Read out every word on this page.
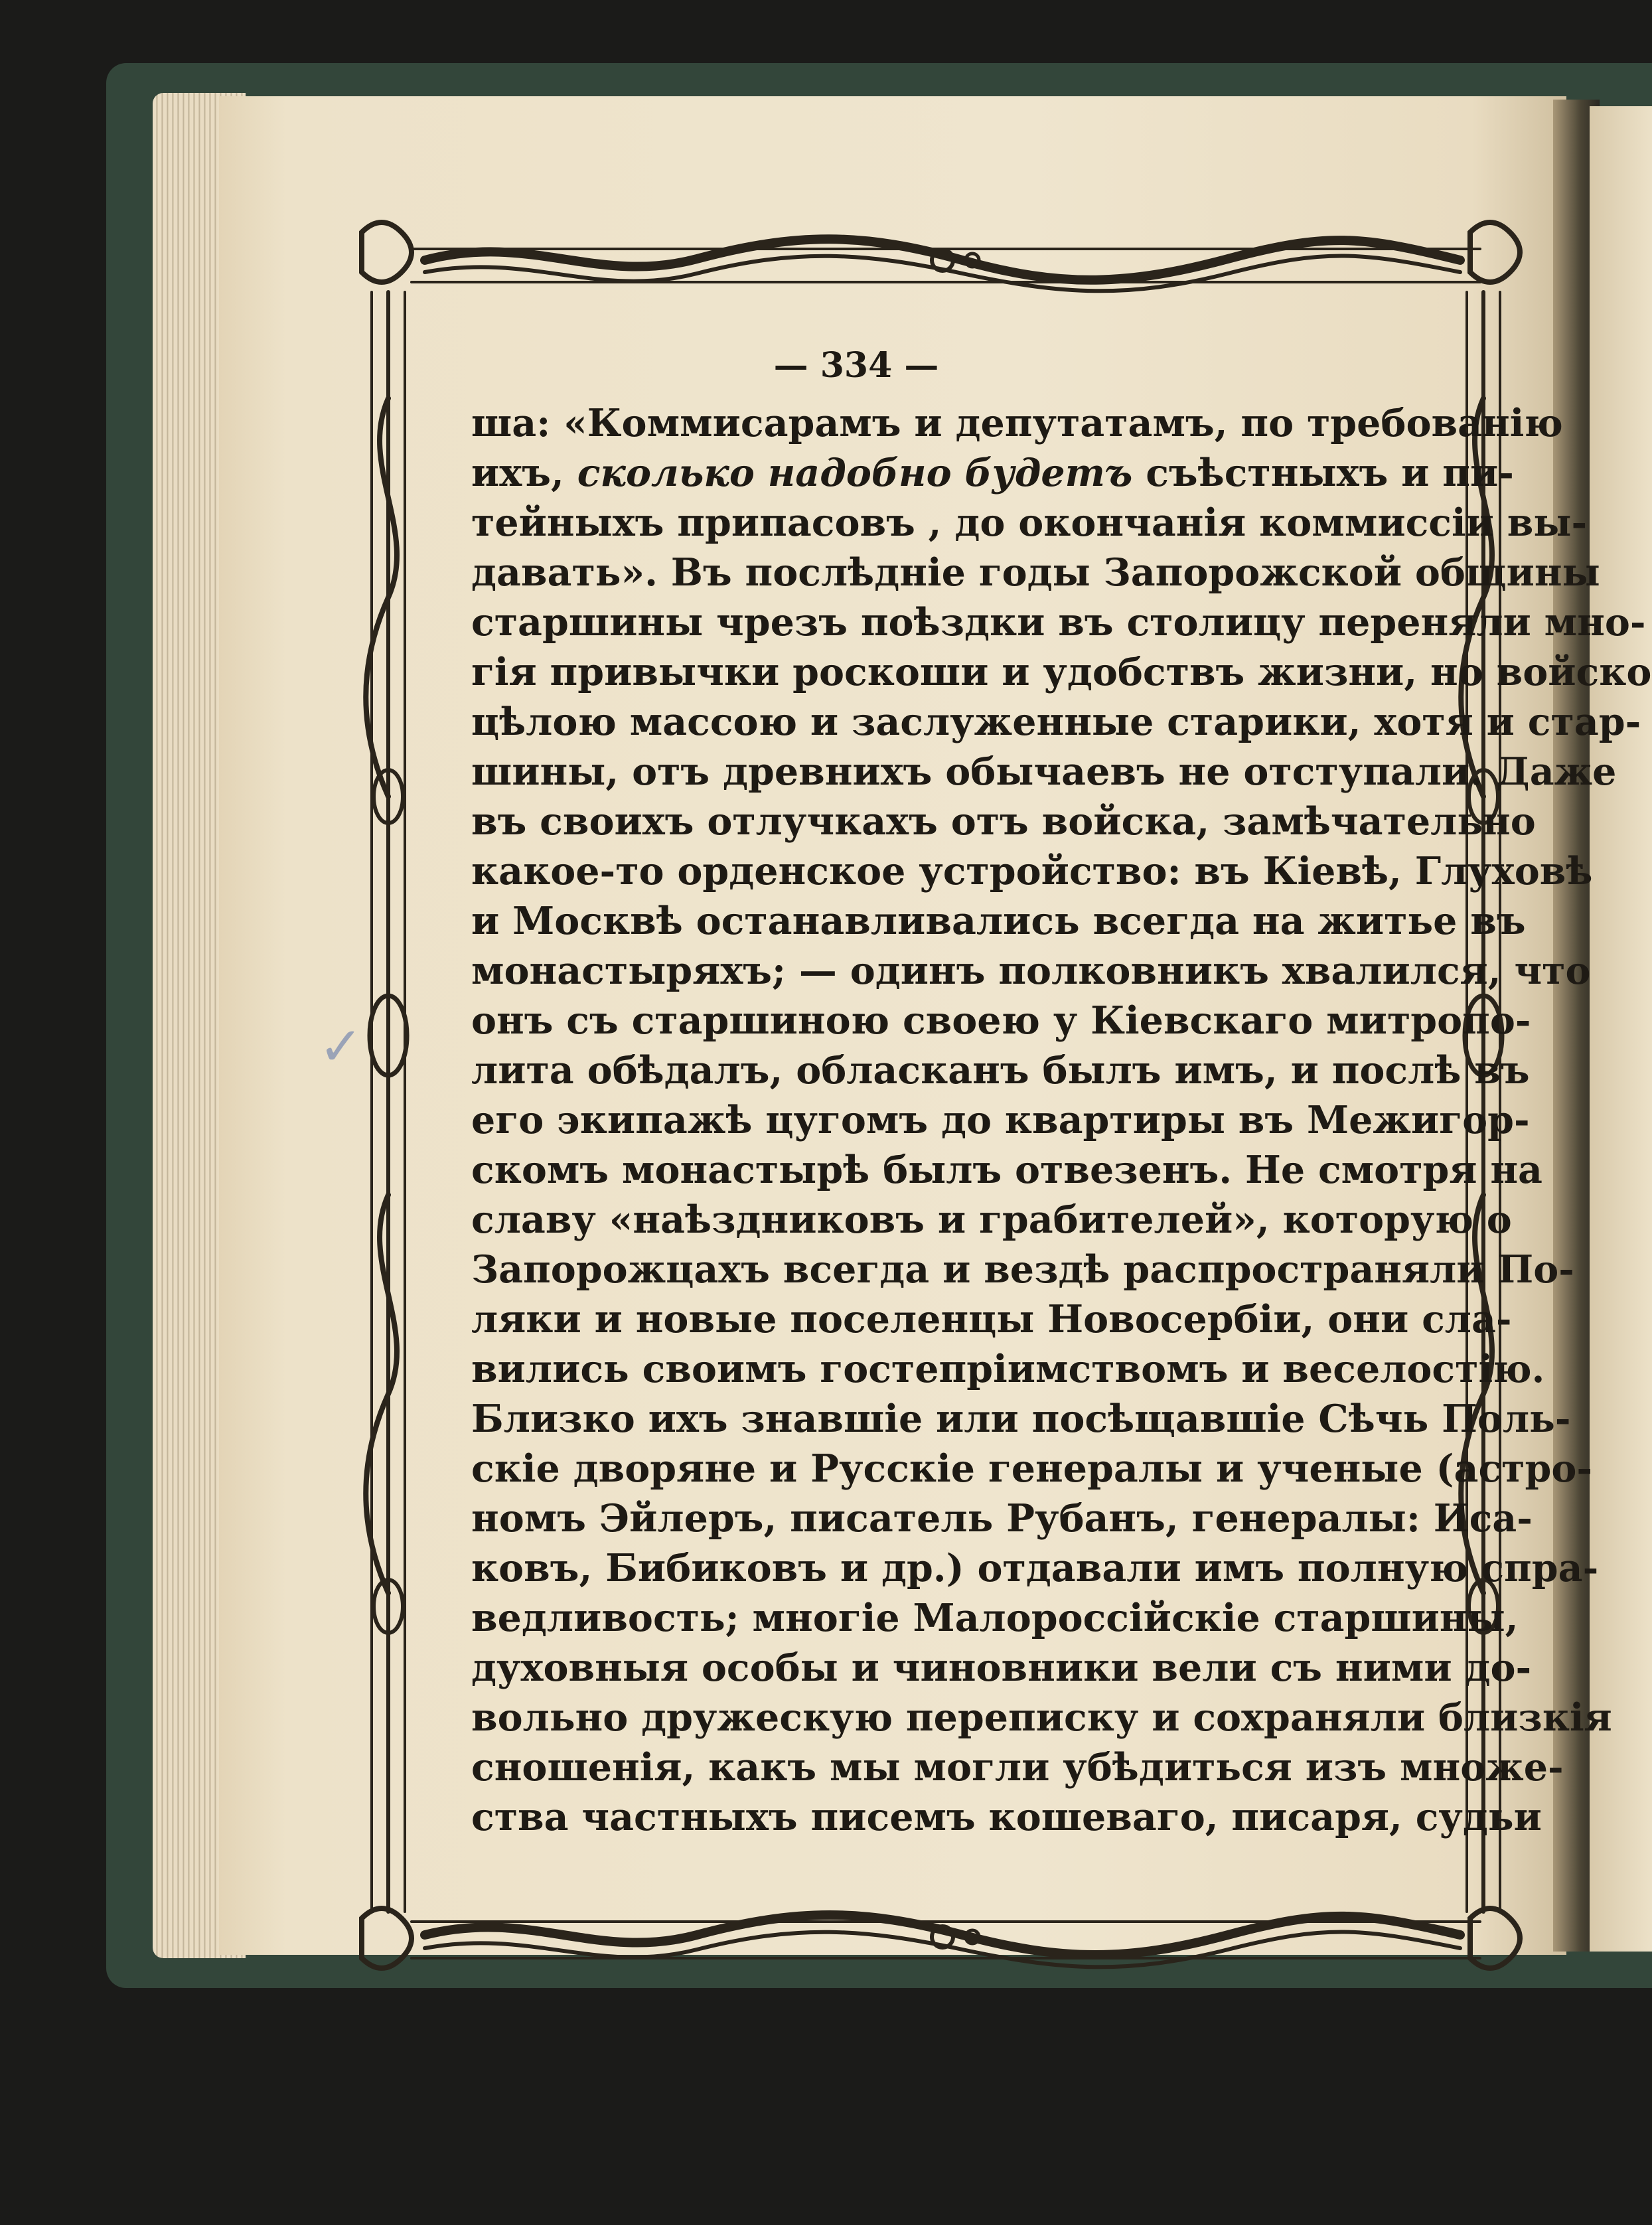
— 334 —
ша: «Коммисарамъ и депутатамъ, по требованію
ихъ, сколько надобно будетъ съѣстныхъ и пи-
тейныхъ припасовъ , до окончанія коммиссіи вы-
давать». Въ послѣдніе годы Запорожской общины
старшины чрезъ поѣздки въ столицу переняли мно-
гія привычки роскоши и удобствъ жизни, но войско
цѣлою массою и заслуженные старики, хотя и стар-
шины, отъ древнихъ обычаевъ не отступали. Даже
въ своихъ отлучкахъ отъ войска, замѣчательно
какое-то орденское устройство: въ Кіевѣ, Глуховѣ
и Москвѣ останавливались всегда на житье въ
монастыряхъ; — одинъ полковникъ хвалился, что
онъ съ старшиною своею у Кіевскаго митропо-
лита обѣдалъ, обласканъ былъ имъ, и послѣ въ
его экипажѣ цугомъ до квартиры въ Межигор-
скомъ монастырѣ былъ отвезенъ. Не смотря на
славу «наѣздниковъ и грабителей», которую о
Запорожцахъ всегда и вездѣ распространяли По-
ляки и новые поселенцы Новосербіи, они сла-
вились своимъ гостепріимствомъ и веселостію.
Близко ихъ знавшіе или посѣщавшіе Сѣчь Поль-
скіе дворяне и Русскіе генералы и ученые (астро-
номъ Эйлеръ, писатель Рубанъ, генералы: Иса-
ковъ, Бибиковъ и др.) отдавали имъ полную спра-
ведливость; многіе Малороссійскіе старшины,
духовныя особы и чиновники вели съ ними до-
вольно дружескую переписку и сохраняли близкія
сношенія, какъ мы могли убѣдиться изъ множе-
ства частныхъ писемъ кошеваго, писаря, судьи
✓
